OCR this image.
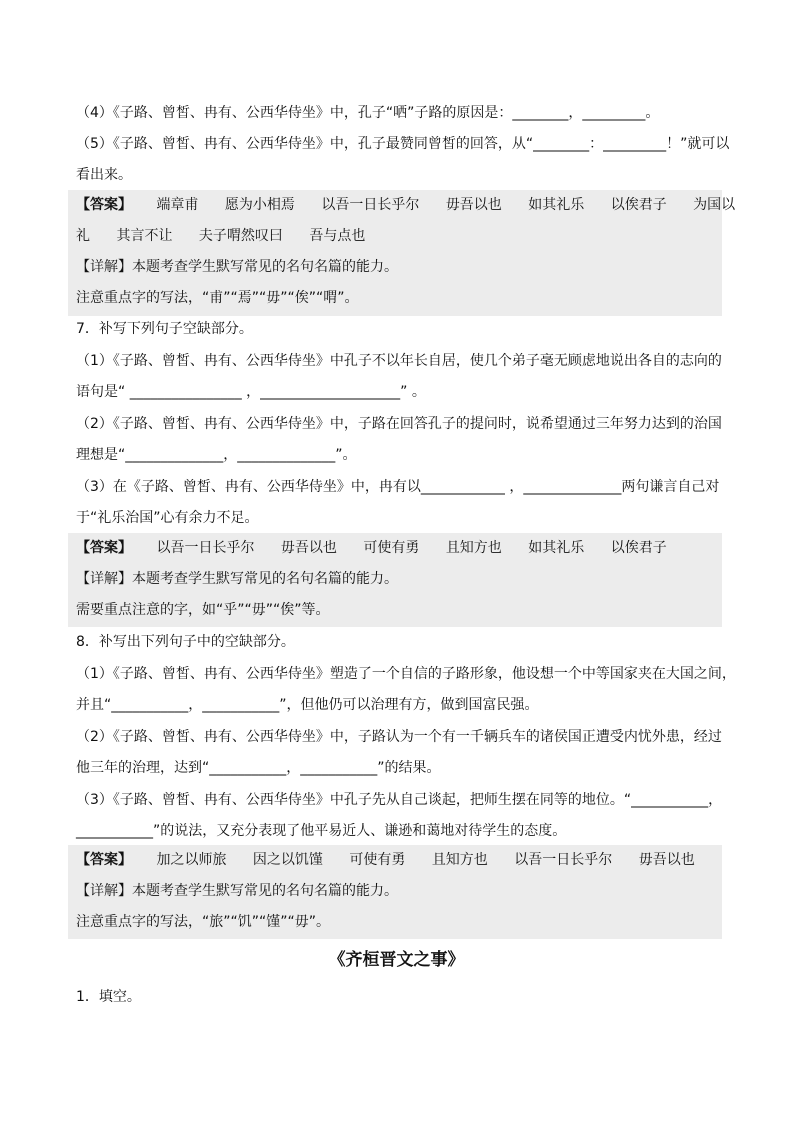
（4）《子路、曾皙、冉有、公西华侍坐》中，孔子“哂”子路的原因是：________，_________。
（5）《子路、曾皙、冉有、公西华侍坐》中，孔子最赞同曾皙的回答，从“________：_________！”就可以
看出来。
【答案】 端章甫 愿为小相焉 以吾一日长乎尔 毋吾以也 如其礼乐 以俟君子 为国以
礼 其言不让 夫子喟然叹曰 吾与点也
【详解】本题考查学生默写常见的名句名篇的能力。
注意重点字的写法，“甫”“焉”“毋”“俟”“喟”。
7．补写下列句子空缺部分。
（1）《子路、曾皙、冉有、公西华侍坐》中孔子不以年长自居，使几个弟子毫无顾虑地说出各自的志向的
语句是“ ________________ ，____________________” 。
（2）《子路、曾皙、冉有、公西华侍坐》中，子路在回答孔子的提问时，说希望通过三年努力达到的治国
理想是“______________，______________”。
（3）在《子路、曾皙、冉有、公西华侍坐》中，冉有以____________ ，______________两句谦言自己对
于“礼乐治国”心有余力不足。
【答案】 以吾一日长乎尔 毋吾以也 可使有勇 且知方也 如其礼乐 以俟君子
【详解】本题考查学生默写常见的名句名篇的能力。
需要重点注意的字，如“乎”“毋”“俟”等。
8．补写出下列句子中的空缺部分。
（1）《子路、曾皙、冉有、公西华侍坐》塑造了一个自信的子路形象，他设想一个中等国家夹在大国之间，
并且“___________，___________”，但他仍可以治理有方，做到国富民强。
（2）《子路、曾皙、冉有、公西华侍坐》中，子路认为一个有一千辆兵车的诸侯国正遭受内忧外患，经过
他三年的治理，达到“___________，___________”的结果。
（3）《子路、曾皙、冉有、公西华侍坐》中孔子先从自己谈起，把师生摆在同等的地位。“___________，
___________”的说法，又充分表现了他平易近人、谦逊和蔼地对待学生的态度。
【答案】 加之以师旅 因之以饥馑 可使有勇 且知方也 以吾一日长乎尔 毋吾以也
【详解】本题考查学生默写常见的名句名篇的能力。
注意重点字的写法，“旅”“饥”“馑”“毋”。
《齐桓晋文之事》
1．填空。
